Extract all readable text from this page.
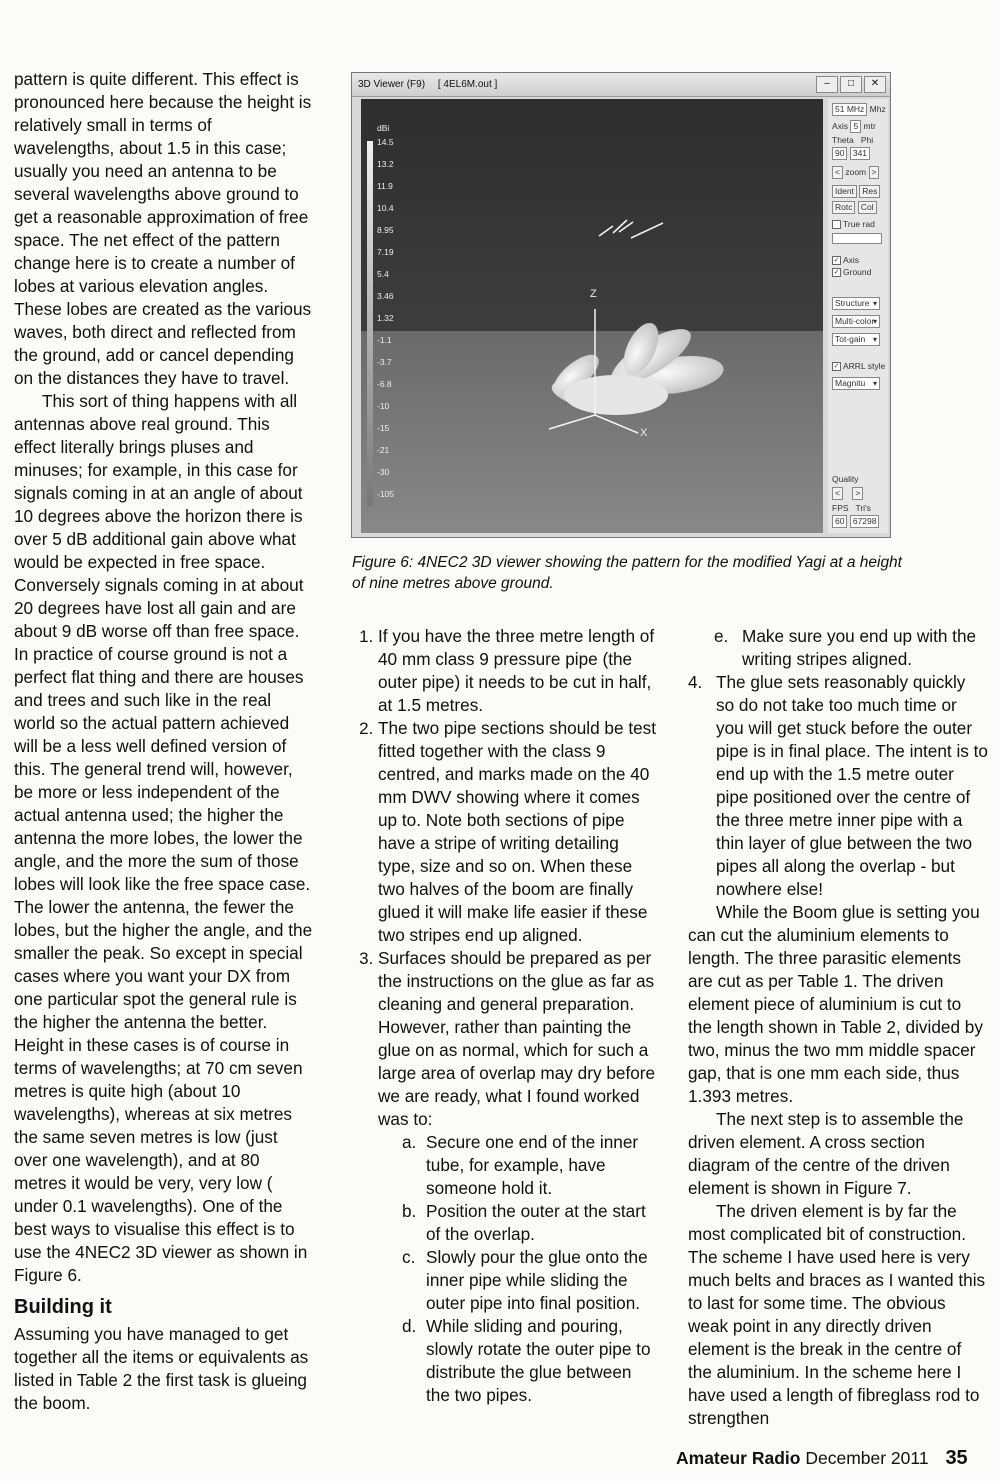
pattern is quite different. This effect is pronounced here because the height is relatively small in terms of wavelengths, about 1.5 in this case; usually you need an antenna to be several wavelengths above ground to get a reasonable approximation of free space. The net effect of the pattern change here is to create a number of lobes at various elevation angles. These lobes are created as the various waves, both direct and reflected from the ground, add or cancel depending on the distances they have to travel.

This sort of thing happens with all antennas above real ground. This effect literally brings pluses and minuses; for example, in this case for signals coming in at an angle of about 10 degrees above the horizon there is over 5 dB additional gain above what would be expected in free space. Conversely signals coming in at about 20 degrees have lost all gain and are about 9 dB worse off than free space. In practice of course ground is not a perfect flat thing and there are houses and trees and such like in the real world so the actual pattern achieved will be a less well defined version of this. The general trend will, however, be more or less independent of the actual antenna used; the higher the antenna the more lobes, the lower the angle, and the more the sum of those lobes will look like the free space case. The lower the antenna, the fewer the lobes, but the higher the angle, and the smaller the peak. So except in special cases where you want your DX from one particular spot the general rule is the higher the antenna the better. Height in these cases is of course in terms of wavelengths; at 70 cm seven metres is quite high (about 10 wavelengths), whereas at six metres the same seven metres is low (just over one wavelength), and at 80 metres it would be very, very low ( under 0.1 wavelengths). One of the best ways to visualise this effect is to use the 4NEC2 3D viewer as shown in Figure 6.

Building it

Assuming you have managed to get together all the items or equivalents as listed in Table 2 the first task is glueing the boom.

3D Viewer (F9) [ 4EL6M.out ]	–	□	✕
Z
X
dBi
14.5
13.2
11.9
10.4
8.95
7.19
5.4
3.46
1.32
-1.1
-3.7
-6.8
-10
-15
-21
-30
-105
51 MHz Mhz
Axis 5 mtr
Theta Phi
90 341
< zoom >
Ident Res
Rotc Col
True rad
✓ Axis
✓ Ground
Structure ▾
Multi-color ▾
Tot-gain ▾
✓ ARRL style
Magnitu ▾
Quality
< >
FPS Tri's
60 67298
Figure 6: 4NEC2 3D viewer showing the pattern for the modified Yagi at a height of nine metres above ground.
1. If you have the three metre length of 40 mm class 9 pressure pipe (the outer pipe) it needs to be cut in half, at 1.5 metres.
2. The two pipe sections should be test fitted together with the class 9 centred, and marks made on the 40 mm DWV showing where it comes up to. Note both sections of pipe have a stripe of writing detailing type, size and so on. When these two halves of the boom are finally glued it will make life easier if these two stripes end up aligned.
3. Surfaces should be prepared as per the instructions on the glue as far as cleaning and general preparation. However, rather than painting the glue on as normal, which for such a large area of overlap may dry before we are ready, what I found worked was to:
a. Secure one end of the inner tube, for example, have someone hold it.
b. Position the outer at the start of the overlap.
c. Slowly pour the glue onto the inner pipe while sliding the outer pipe into final position.
d. While sliding and pouring, slowly rotate the outer pipe to distribute the glue between the two pipes.
e. Make sure you end up with the writing stripes aligned.
4. The glue sets reasonably quickly so do not take too much time or you will get stuck before the outer pipe is in final place. The intent is to end up with the 1.5 metre outer pipe positioned over the centre of the three metre inner pipe with a thin layer of glue between the two pipes all along the overlap - but nowhere else!

While the Boom glue is setting you can cut the aluminium elements to length. The three parasitic elements are cut as per Table 1. The driven element piece of aluminium is cut to the length shown in Table 2, divided by two, minus the two mm middle spacer gap, that is one mm each side, thus 1.393 metres.

The next step is to assemble the driven element. A cross section diagram of the centre of the driven element is shown in Figure 7.

The driven element is by far the most complicated bit of construction. The scheme I have used here is very much belts and braces as I wanted this to last for some time. The obvious weak point in any directly driven element is the break in the centre of the aluminium. In the scheme here I have used a length of fibreglass rod to strengthen

Amateur Radio December 2011 35
